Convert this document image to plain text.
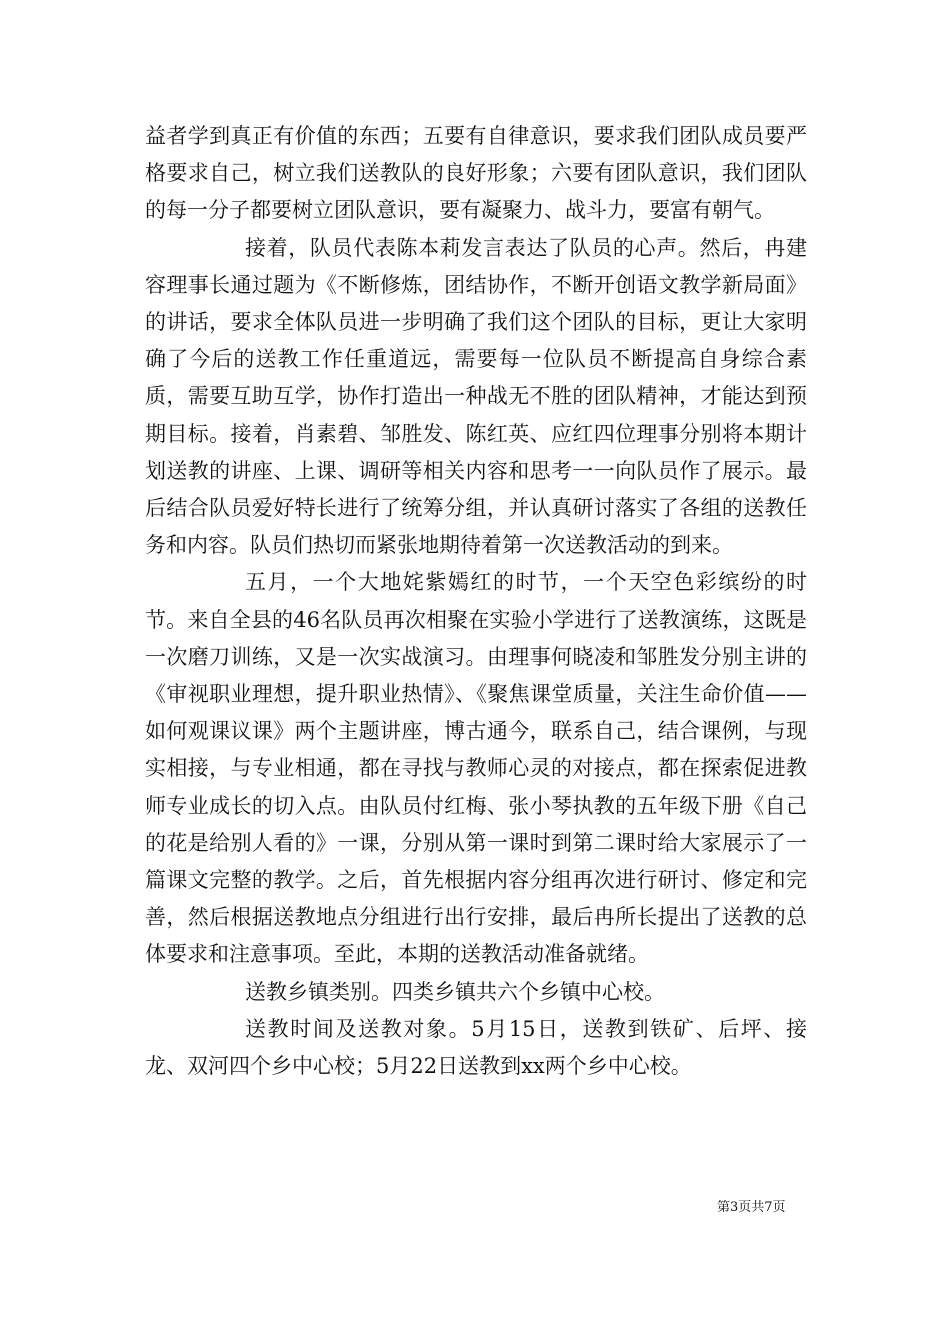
益者学到真正有价值的东西；五要有自律意识，要求我们团队成员要严格要求自己，树立我们送教队的良好形象；六要有团队意识，我们团队的每一分子都要树立团队意识，要有凝聚力、战斗力，要富有朝气。

接着，队员代表陈本莉发言表达了队员的心声。然后，冉建容理事长通过题为《不断修炼，团结协作，不断开创语文教学新局面》的讲话，要求全体队员进一步明确了我们这个团队的目标，更让大家明确了今后的送教工作任重道远，需要每一位队员不断提高自身综合素质，需要互助互学，协作打造出一种战无不胜的团队精神，才能达到预期目标。接着，肖素碧、邹胜发、陈红英、应红四位理事分别将本期计划送教的讲座、上课、调研等相关内容和思考一一向队员作了展示。最后结合队员爱好特长进行了统筹分组，并认真研讨落实了各组的送教任务和内容。队员们热切而紧张地期待着第一次送教活动的到来。

五月，一个大地姹紫嫣红的时节，一个天空色彩缤纷的时节。来自全县的46名队员再次相聚在实验小学进行了送教演练，这既是一次磨刀训练，又是一次实战演习。由理事何晓凌和邹胜发分别主讲的《审视职业理想，提升职业热情》、《聚焦课堂质量，关注生命价值——如何观课议课》两个主题讲座，博古通今，联系自己，结合课例，与现实相接，与专业相通，都在寻找与教师心灵的对接点，都在探索促进教师专业成长的切入点。由队员付红梅、张小琴执教的五年级下册《自己的花是给别人看的》一课，分别从第一课时到第二课时给大家展示了一篇课文完整的教学。之后，首先根据内容分组再次进行研讨、修定和完善，然后根据送教地点分组进行出行安排，最后冉所长提出了送教的总体要求和注意事项。至此，本期的送教活动准备就绪。

送教乡镇类别。四类乡镇共六个乡镇中心校。

送教时间及送教对象。5月15日，送教到铁矿、后坪、接龙、双河四个乡中心校；5月22日送教到xx两个乡中心校。

第3页共7页
